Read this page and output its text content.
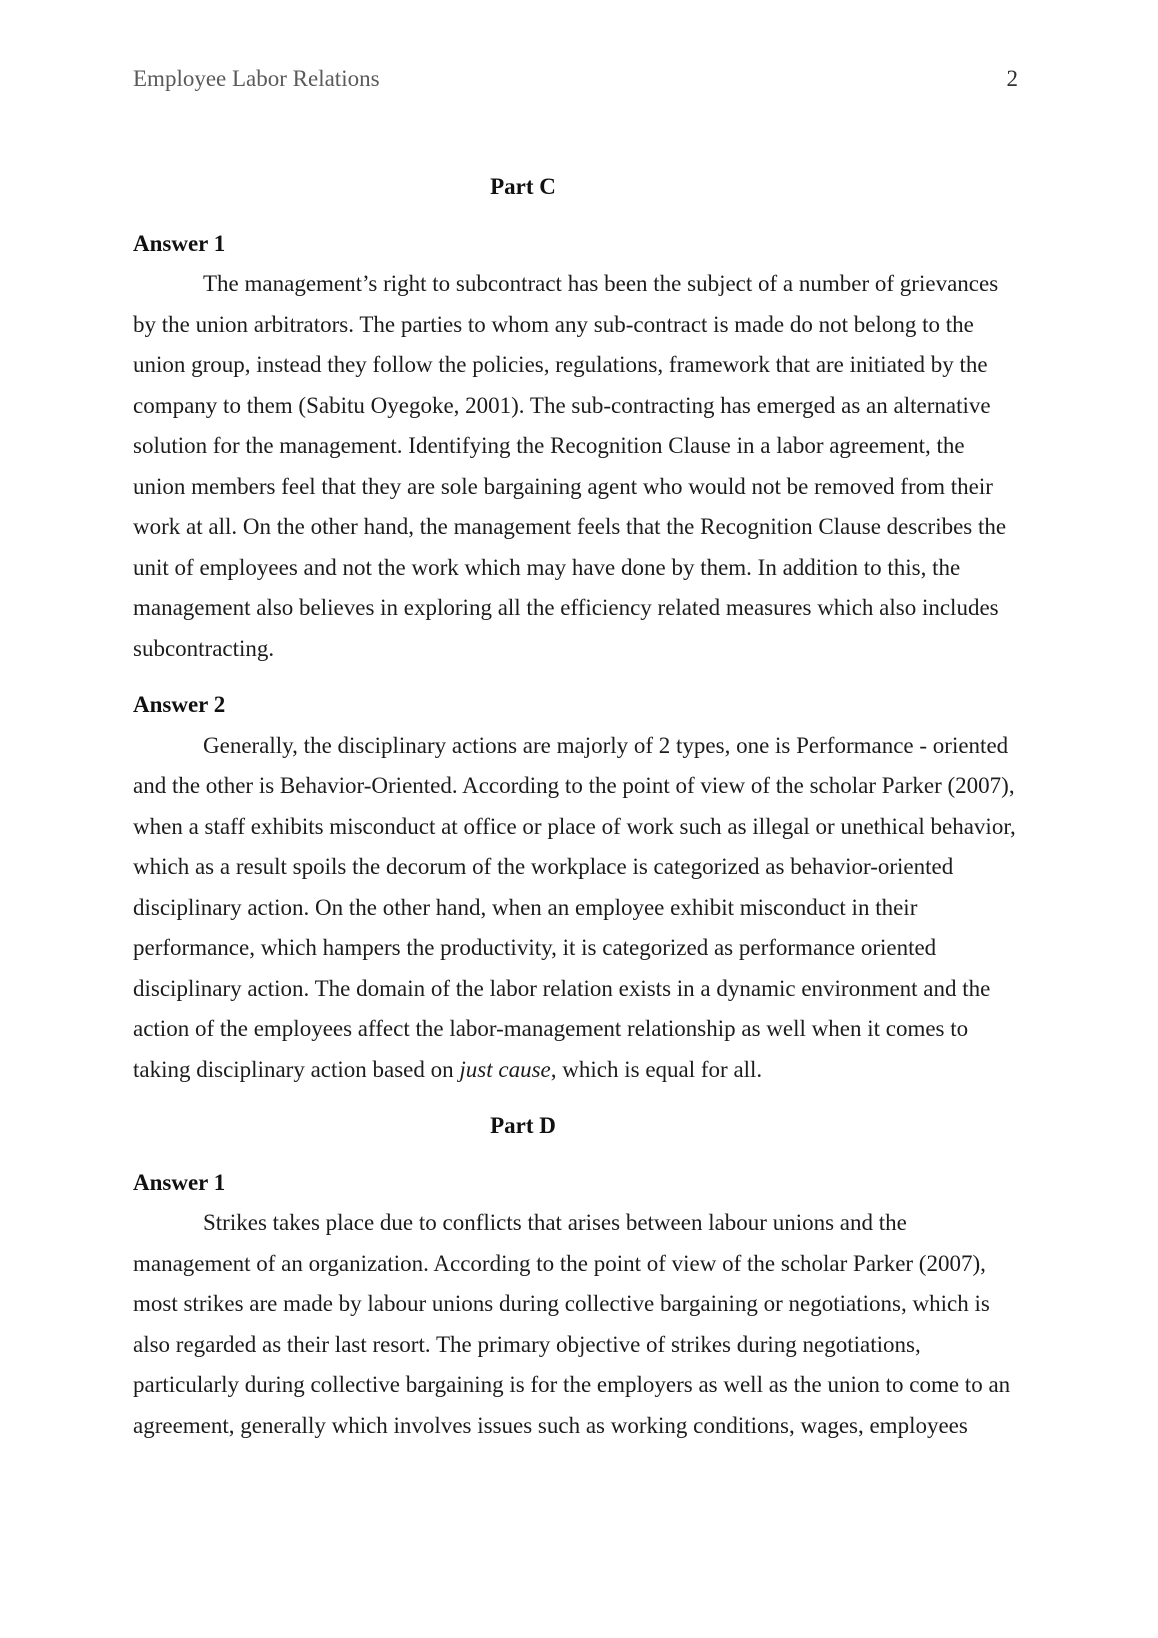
Employee Labor Relations	2
Part C
Answer 1

The management’s right to subcontract has been the subject of a number of grievances by the union arbitrators. The parties to whom any sub-contract is made do not belong to the union group, instead they follow the policies, regulations, framework that are initiated by the company to them (Sabitu Oyegoke, 2001). The sub-contracting has emerged as an alternative solution for the management. Identifying the Recognition Clause in a labor agreement, the union members feel that they are sole bargaining agent who would not be removed from their work at all. On the other hand, the management feels that the Recognition Clause describes the unit of employees and not the work which may have done by them. In addition to this, the management also believes in exploring all the efficiency related measures which also includes subcontracting.

Answer 2

Generally, the disciplinary actions are majorly of 2 types, one is Performance - oriented and the other is Behavior-Oriented. According to the point of view of the scholar Parker (2007), when a staff exhibits misconduct at office or place of work such as illegal or unethical behavior, which as a result spoils the decorum of the workplace is categorized as behavior-oriented disciplinary action. On the other hand, when an employee exhibit misconduct in their performance, which hampers the productivity, it is categorized as performance oriented disciplinary action. The domain of the labor relation exists in a dynamic environment and the action of the employees affect the labor-management relationship as well when it comes to taking disciplinary action based on just cause, which is equal for all.

Part D
Answer 1

Strikes takes place due to conflicts that arises between labour unions and the management of an organization. According to the point of view of the scholar Parker (2007), most strikes are made by labour unions during collective bargaining or negotiations, which is also regarded as their last resort. The primary objective of strikes during negotiations, particularly during collective bargaining is for the employers as well as the union to come to an agreement, generally which involves issues such as working conditions, wages, employees
